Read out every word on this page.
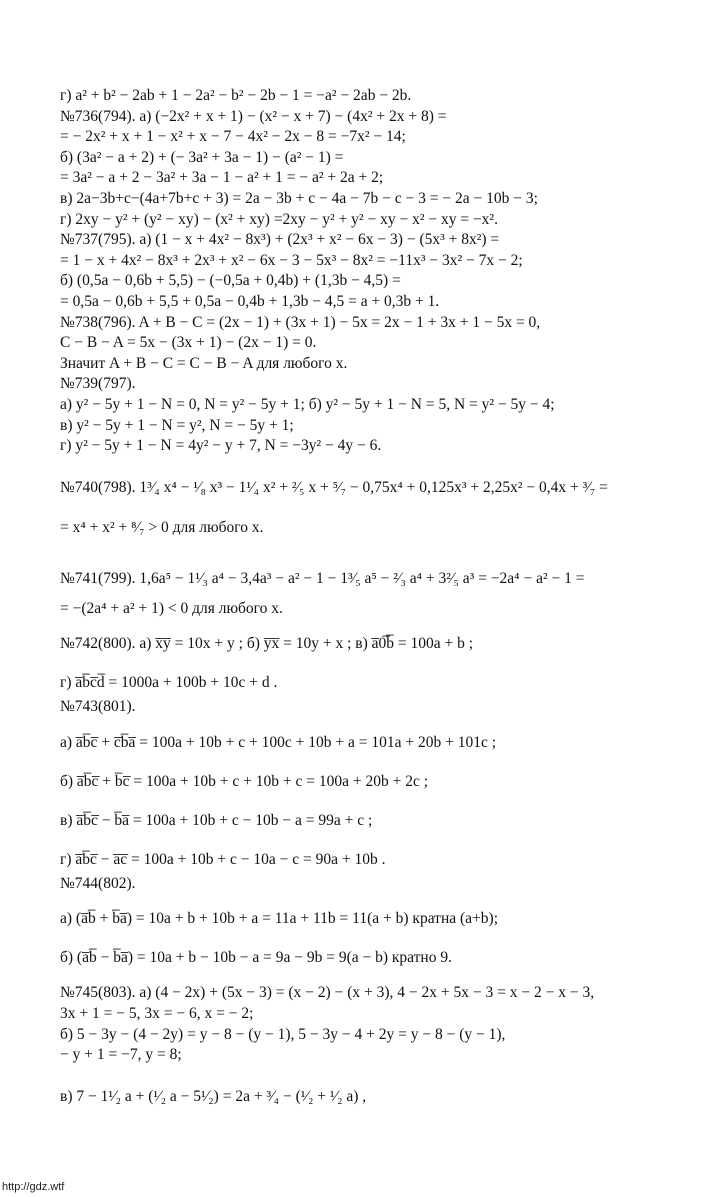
г) a² + b² − 2ab + 1 − 2a² − b² − 2b − 1 = −a² − 2ab − 2b.
№736(794). а) (−2x² + x + 1) − (x² − x + 7) − (4x² + 2x + 8) =
= − 2x² + x + 1 − x² + x − 7 − 4x² − 2x − 8 = −7x² − 14;
б) (3a² − a + 2) + (− 3a² + 3a − 1) − (a² − 1) =
= 3a² − a + 2 − 3a² + 3a − 1 − a² + 1 = − a² + 2a + 2;
в) 2a−3b+c−(4a+7b+c + 3) = 2a − 3b + c − 4a − 7b − c − 3 = − 2a − 10b − 3;
г) 2xy − y² + (y² − xy) − (x² + xy) =2xy − y² + y² − xy − x² − xy = −x².
№737(795). а) (1 − x + 4x² − 8x³) + (2x³ + x² − 6x − 3) − (5x³ + 8x²) =
= 1 − x + 4x² − 8x³ + 2x³ + x² − 6x − 3 − 5x³ − 8x² = −11x³ − 3x² − 7x − 2;
б) (0,5a − 0,6b + 5,5) − (−0,5a + 0,4b) + (1,3b − 4,5) =
= 0,5a − 0,6b + 5,5 + 0,5a − 0,4b + 1,3b − 4,5 = a + 0,3b + 1.
№738(796). A + B − C = (2x − 1) + (3x + 1) − 5x = 2x − 1 + 3x + 1 − 5x = 0,
C − B − A = 5x − (3x + 1) − (2x − 1) = 0.
Значит A + B − C = C − B − A для любого x.
№739(797).
а) y² − 5y + 1 − N = 0, N = y² − 5y + 1; б) y² − 5y + 1 − N = 5, N = y² − 5y − 4;
в) y² − 5y + 1 − N = y², N = − 5y + 1;
г) y² − 5y + 1 − N = 4y² − y + 7, N = −3y² − 4y − 6.
№740(798). 1³⁄₄ x⁴ − ¹⁄₈ x³ − 1¹⁄₄ x² + ²⁄₅ x + ⁵⁄₇ − 0,75x⁴ + 0,125x³ + 2,25x² − 0,4x + ³⁄₇ =
= x⁴ + x² + ⁸⁄₇ > 0 для любого x.
№741(799). 1,6a⁵ − 1¹⁄₃ a⁴ − 3,4a³ − a² − 1 − 1³⁄₅ a⁵ − ²⁄₃ a⁴ + 3²⁄₅ a³ = −2a⁴ − a² − 1 =
= −(2a⁴ + a² + 1) < 0 для любого x.
№742(800). а) x̅y̅ = 10x + y ; б) y̅x̅ = 10y + x ; в) a̅0̅b̅ = 100a + b ;
г) a̅b̅c̅d̅ = 1000a + 100b + 10c + d .
№743(801).
а) a̅b̅c̅ + c̅b̅a̅ = 100a + 10b + c + 100c + 10b + a = 101a + 20b + 101c ;
б) a̅b̅c̅ + b̅c̅ = 100a + 10b + c + 10b + c = 100a + 20b + 2c ;
в) a̅b̅c̅ − b̅a̅ = 100a + 10b + c − 10b − a = 99a + c ;
г) a̅b̅c̅ − a̅c̅ = 100a + 10b + c − 10a − c = 90a + 10b .
№744(802).
а) (a̅b̅ + b̅a̅) = 10a + b + 10b + a = 11a + 11b = 11(a + b) кратна (a+b);
б) (a̅b̅ − b̅a̅) = 10a + b − 10b − a = 9a − 9b = 9(a − b) кратно 9.
№745(803). а) (4 − 2x) + (5x − 3) = (x − 2) − (x + 3), 4 − 2x + 5x − 3 = x − 2 − x − 3,
3x + 1 = − 5, 3x = − 6, x = − 2;
б) 5 − 3y − (4 − 2y) = y − 8 − (y − 1), 5 − 3y − 4 + 2y = y − 8 − (y − 1),
− y + 1 = −7, y = 8;
в) 7 − 1¹⁄₂ a + (¹⁄₂ a − 5¹⁄₂) = 2a + ³⁄₄ − (¹⁄₂ + ¹⁄₂ a) ,
http://gdz.wtf
